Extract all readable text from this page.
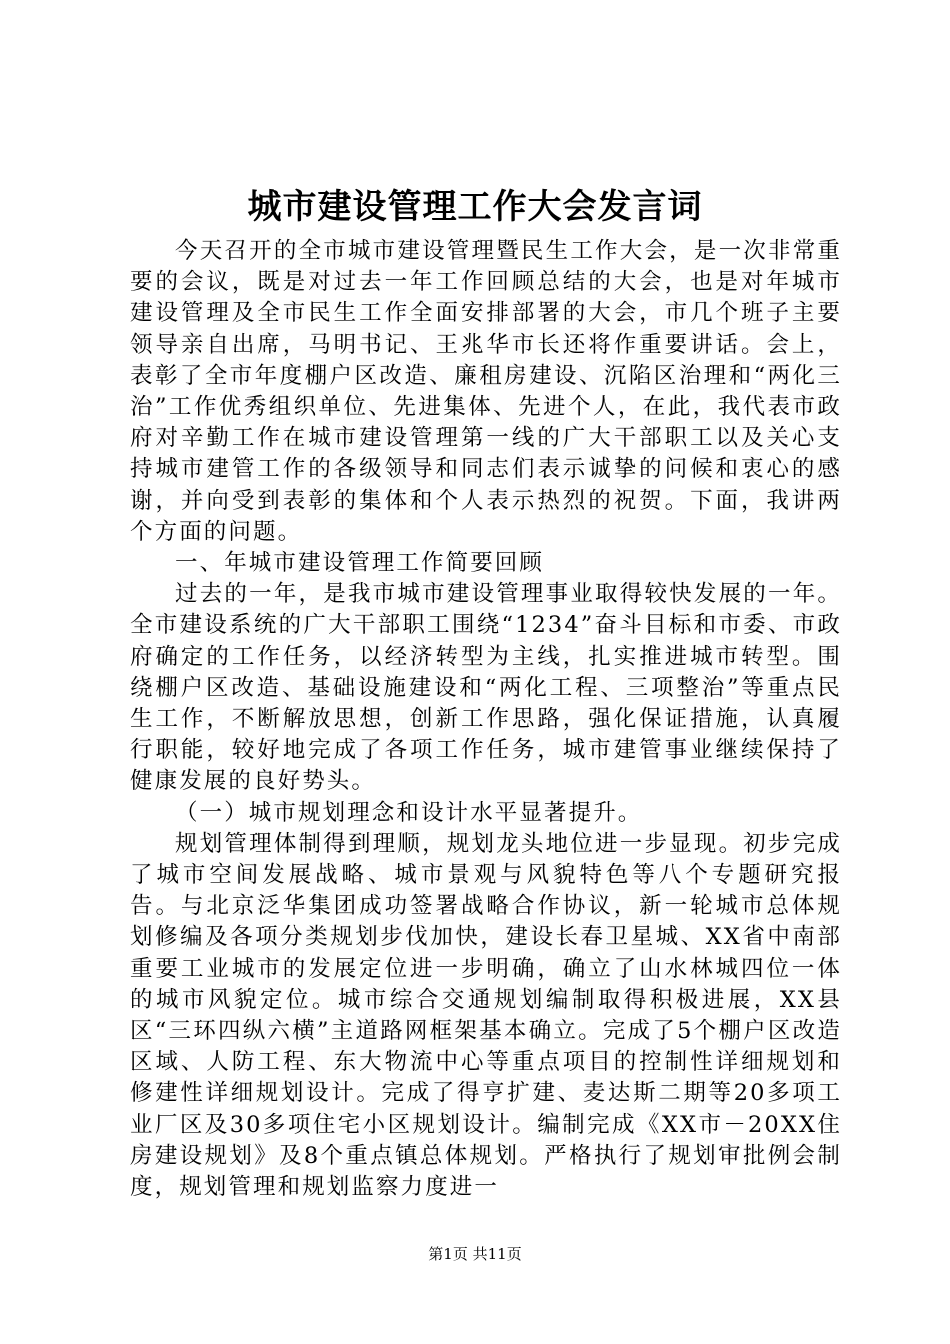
城市建设管理工作大会发言词

今天召开的全市城市建设管理暨民生工作大会，是一次非常重要的会议，既是对过去一年工作回顾总结的大会，也是对年城市建设管理及全市民生工作全面安排部署的大会，市几个班子主要领导亲自出席，马明书记、王兆华市长还将作重要讲话。会上，表彰了全市年度棚户区改造、廉租房建设、沉陷区治理和“两化三治”工作优秀组织单位、先进集体、先进个人，在此，我代表市政府对辛勤工作在城市建设管理第一线的广大干部职工以及关心支持城市建管工作的各级领导和同志们表示诚挚的问候和衷心的感谢，并向受到表彰的集体和个人表示热烈的祝贺。下面，我讲两个方面的问题。

一、年城市建设管理工作简要回顾

过去的一年，是我市城市建设管理事业取得较快发展的一年。全市建设系统的广大干部职工围绕“1234”奋斗目标和市委、市政府确定的工作任务，以经济转型为主线，扎实推进城市转型。围绕棚户区改造、基础设施建设和“两化工程、三项整治”等重点民生工作，不断解放思想，创新工作思路，强化保证措施，认真履行职能，较好地完成了各项工作任务，城市建管事业继续保持了健康发展的良好势头。

（一）城市规划理念和设计水平显著提升。

规划管理体制得到理顺，规划龙头地位进一步显现。初步完成了城市空间发展战略、城市景观与风貌特色等八个专题研究报告。与北京泛华集团成功签署战略合作协议，新一轮城市总体规划修编及各项分类规划步伐加快，建设长春卫星城、XX省中南部重要工业城市的发展定位进一步明确，确立了山水林城四位一体的城市风貌定位。城市综合交通规划编制取得积极进展，XX县区“三环四纵六横”主道路网框架基本确立。完成了5个棚户区改造区域、人防工程、东大物流中心等重点项目的控制性详细规划和修建性详细规划设计。完成了得亨扩建、麦达斯二期等20多项工业厂区及30多项住宅小区规划设计。编制完成《XX市－20XX住房建设规划》及8个重点镇总体规划。严格执行了规划审批例会制度，规划管理和规划监察力度进一

第1页 共11页
